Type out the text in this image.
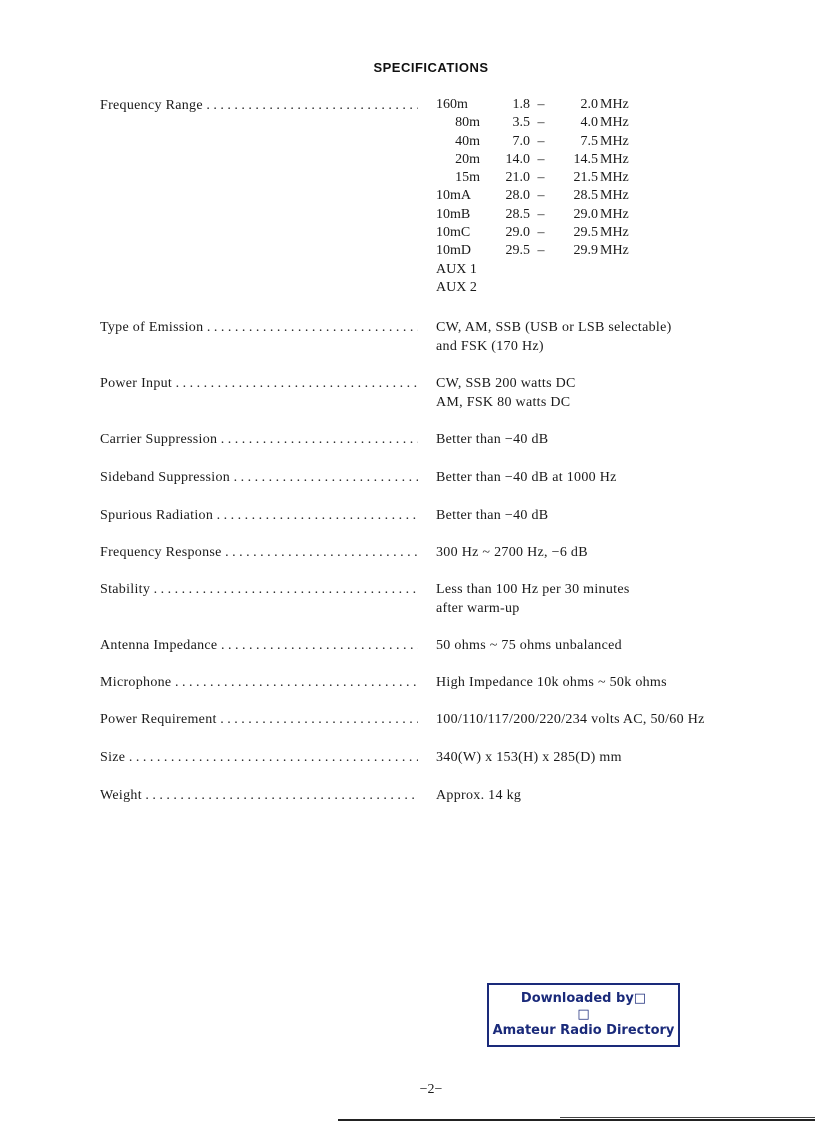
SPECIFICATIONS
Frequency Range . . .	160m	1.8 –	2.0 MHz
80m	3.5 –	4.0 MHz
40m	7.0 –	7.5 MHz
20m	14.0 –	14.5 MHz
15m	21.0 –	21.5 MHz
10mA	28.0 –	28.5 MHz
10mB	28.5 –	29.0 MHz
10mC	29.0 –	29.5 MHz
10mD	29.5 –	29.9 MHz
AUX 1
AUX 2
Type of Emission . . .	CW, AM, SSB (USB or LSB selectable)
and FSK (170 Hz)
Power Input . . .	CW, SSB 200 watts DC
AM, FSK 80 watts DC
Carrier Suppression . . .	Better than −40 dB
Sideband Suppression . . .	Better than −40 dB at 1000 Hz
Spurious Radiation . . .	Better than −40 dB
Frequency Response . . .	300 Hz ~ 2700 Hz, −6 dB
Stability . . .	Less than 100 Hz per 30 minutes
after warm-up
Antenna Impedance . . .	50 ohms ~ 75 ohms unbalanced
Microphone . . .	High Impedance 10k ohms ~ 50k ohms
Power Requirement . . .	100/110/117/200/220/234 volts AC, 50/60 Hz
Size . . .	340(W) x 153(H) x 285(D) mm
Weight . . .	Approx. 14 kg
Downloaded by□
□
Amateur Radio Directory
−2−
